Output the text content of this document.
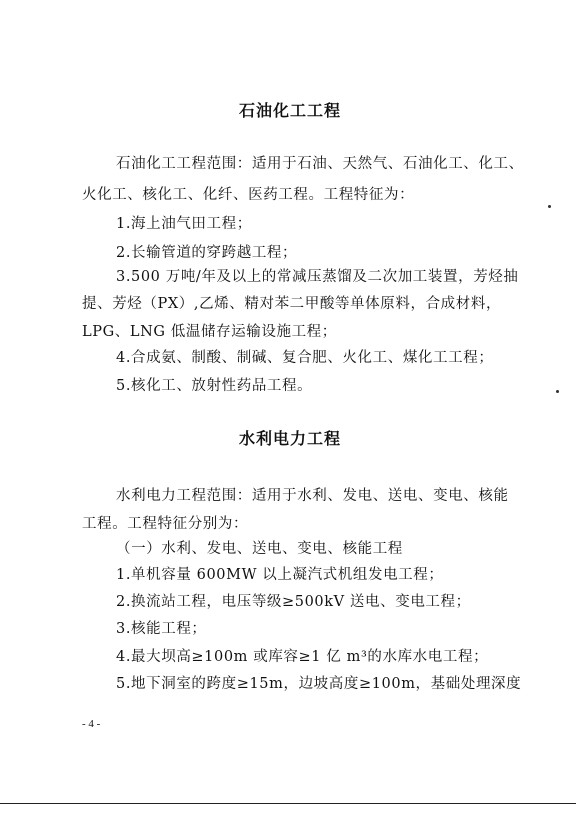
石油化工工程
石油化工工程范围：适用于石油、天然气、石油化工、化工、
火化工、核化工、化纤、医药工程。工程特征为：
1.海上油气田工程；
2.长输管道的穿跨越工程；
3.500 万吨/年及以上的常减压蒸馏及二次加工装置，芳烃抽
提、芳烃（PX）,乙烯、精对苯二甲酸等单体原料，合成材料，
LPG、LNG 低温储存运输设施工程；
4.合成氨、制酸、制碱、复合肥、火化工、煤化工工程；
5.核化工、放射性药品工程。
水利电力工程
水利电力工程范围：适用于水利、发电、送电、变电、核能
工程。工程特征分别为：
（一）水利、发电、送电、变电、核能工程
1.单机容量 600MW 以上凝汽式机组发电工程；
2.换流站工程，电压等级≥500kV 送电、变电工程；
3.核能工程；
4.最大坝高≥100m 或库容≥1 亿 m³的水库水电工程；
5.地下洞室的跨度≥15m，边坡高度≥100m，基础处理深度
- 4 -
